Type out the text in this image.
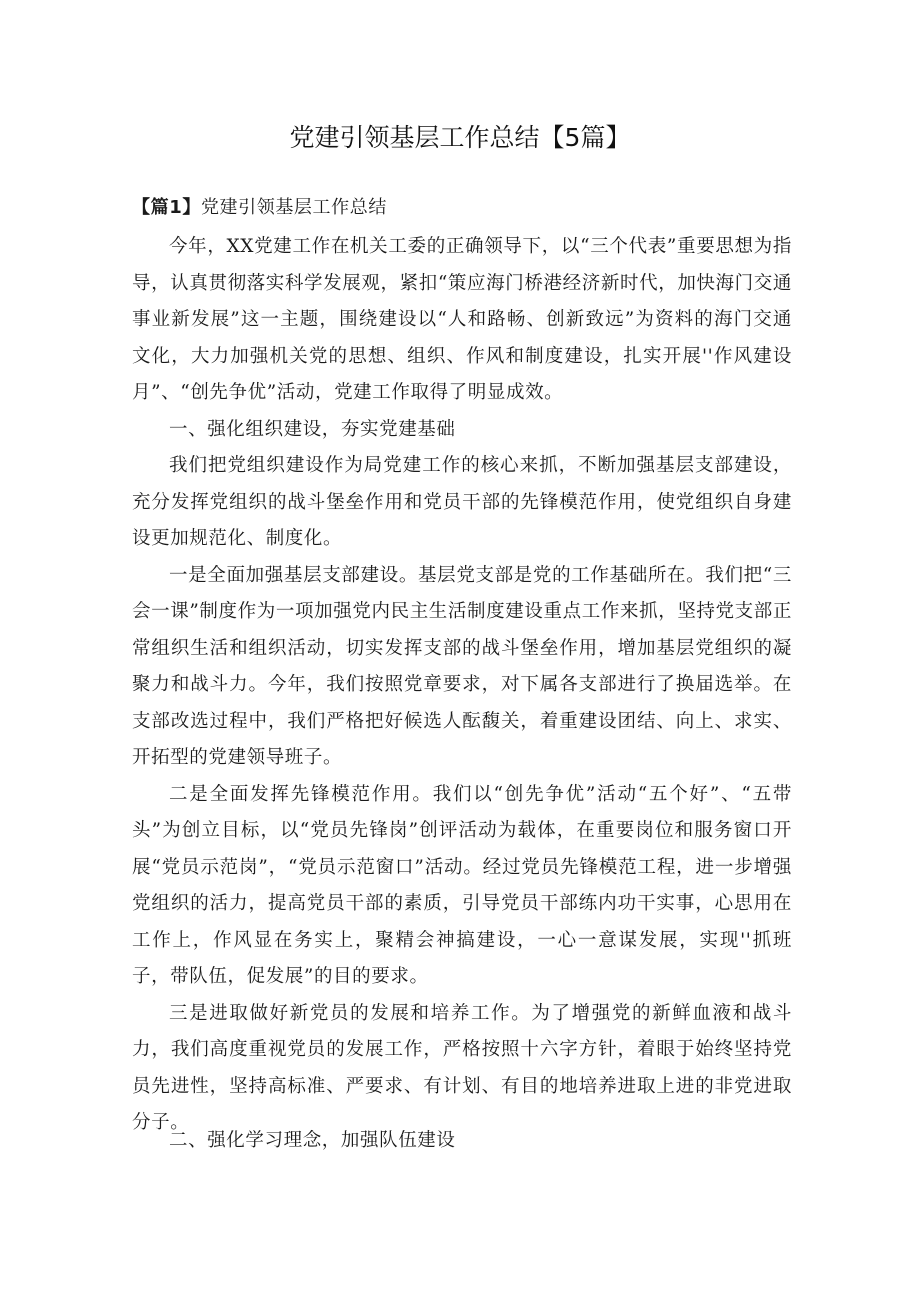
党建引领基层工作总结【5篇】
【篇1】党建引领基层工作总结

今年，XX党建工作在机关工委的正确领导下，以“三个代表”重要思想为指导，认真贯彻落实科学发展观，紧扣“策应海门桥港经济新时代，加快海门交通事业新发展”这一主题，围绕建设以“人和路畅、创新致远”为资料的海门交通文化，大力加强机关党的思想、组织、作风和制度建设，扎实开展''作风建设月”、“创先争优”活动，党建工作取得了明显成效。

一、强化组织建设，夯实党建基础

我们把党组织建设作为局党建工作的核心来抓，不断加强基层支部建设，充分发挥党组织的战斗堡垒作用和党员干部的先锋模范作用，使党组织自身建设更加规范化、制度化。

一是全面加强基层支部建设。基层党支部是党的工作基础所在。我们把“三会一课”制度作为一项加强党内民主生活制度建设重点工作来抓，坚持党支部正常组织生活和组织活动，切实发挥支部的战斗堡垒作用，增加基层党组织的凝聚力和战斗力。今年，我们按照党章要求，对下属各支部进行了换届选举。在支部改选过程中，我们严格把好候选人酝馥关，着重建设团结、向上、求实、开拓型的党建领导班子。

二是全面发挥先锋模范作用。我们以“创先争优”活动“五个好”、“五带头”为创立目标，以“党员先锋岗”创评活动为载体，在重要岗位和服务窗口开展“党员示范岗”，“党员示范窗口”活动。经过党员先锋模范工程，进一步增强党组织的活力，提高党员干部的素质，引导党员干部练内功干实事，心思用在工作上，作风显在务实上，聚精会神搞建设，一心一意谋发展，实现''抓班子，带队伍，促发展”的目的要求。

三是进取做好新党员的发展和培养工作。为了增强党的新鲜血液和战斗力，我们高度重视党员的发展工作，严格按照十六字方针，着眼于始终坚持党员先进性，坚持高标准、严要求、有计划、有目的地培养进取上进的非党进取分子。

二、强化学习理念，加强队伍建设
